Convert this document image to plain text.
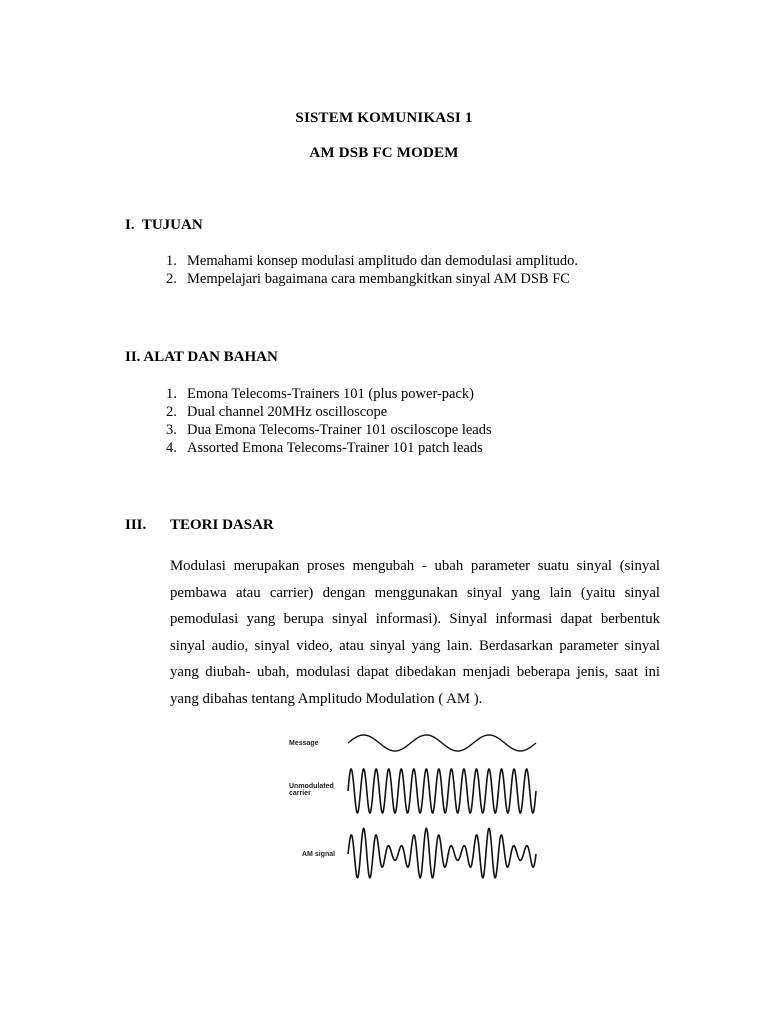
SISTEM KOMUNIKASI 1
AM DSB FC MODEM
I. TUJUAN
1. Memahami konsep modulasi amplitudo dan demodulasi amplitudo.
2. Mempelajari bagaimana cara membangkitkan sinyal AM DSB FC
II. ALAT DAN BAHAN
1. Emona Telecoms-Trainers 101 (plus power-pack)
2. Dual channel 20MHz oscilloscope
3. Dua Emona Telecoms-Trainer 101 osciloscope leads
4. Assorted Emona Telecoms-Trainer 101 patch leads
III. TEORI DASAR

Modulasi merupakan proses mengubah - ubah parameter suatu sinyal (sinyal pembawa atau carrier) dengan menggunakan sinyal yang lain (yaitu sinyal pemodulasi yang berupa sinyal informasi). Sinyal informasi dapat berbentuk sinyal audio, sinyal video, atau sinyal yang lain. Berdasarkan parameter sinyal yang diubah- ubah, modulasi dapat dibedakan menjadi beberapa jenis, saat ini yang dibahas tentang Amplitudo Modulation ( AM ).

Message
Unmodulated
carrier
AM signal
